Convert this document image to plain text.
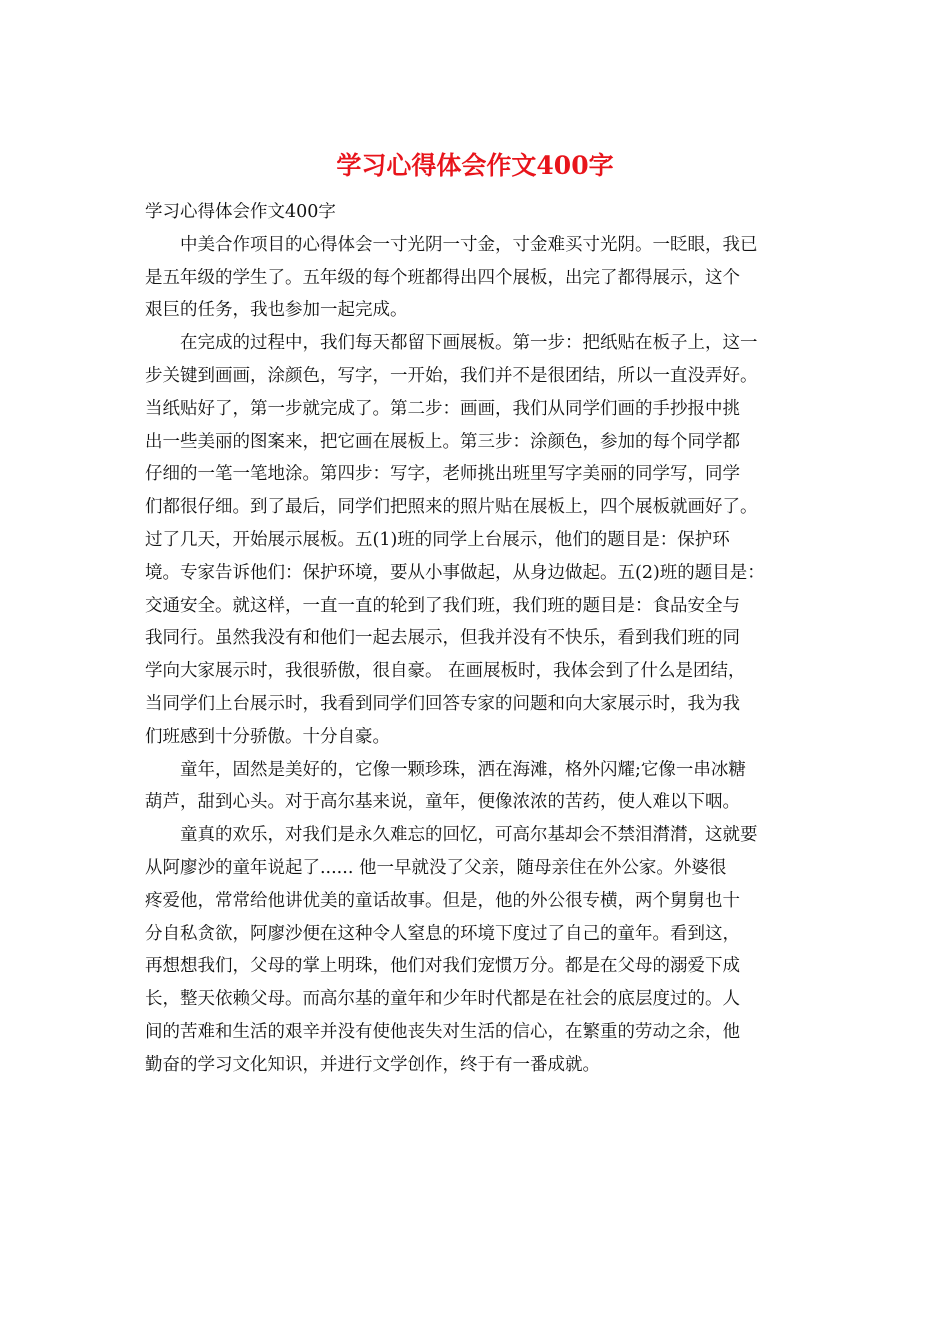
学习心得体会作文400字
学习心得体会作文400字
　　中美合作项目的心得体会一寸光阴一寸金，寸金难买寸光阴。一眨眼，我已
是五年级的学生了。五年级的每个班都得出四个展板，出完了都得展示，这个
艰巨的任务，我也参加一起完成。
　　在完成的过程中，我们每天都留下画展板。第一步：把纸贴在板子上，这一
步关键到画画，涂颜色，写字，一开始，我们并不是很团结，所以一直没弄好。
当纸贴好了，第一步就完成了。第二步：画画，我们从同学们画的手抄报中挑
出一些美丽的图案来，把它画在展板上。第三步：涂颜色，参加的每个同学都
仔细的一笔一笔地涂。第四步：写字，老师挑出班里写字美丽的同学写，同学
们都很仔细。到了最后，同学们把照来的照片贴在展板上，四个展板就画好了。
过了几天，开始展示展板。五(1)班的同学上台展示，他们的题目是：保护环
境。专家告诉他们：保护环境，要从小事做起，从身边做起。五(2)班的题目是：
交通安全。就这样，一直一直的轮到了我们班，我们班的题目是：食品安全与
我同行。虽然我没有和他们一起去展示，但我并没有不快乐，看到我们班的同
学向大家展示时，我很骄傲，很自豪。 在画展板时，我体会到了什么是团结，
当同学们上台展示时，我看到同学们回答专家的问题和向大家展示时，我为我
们班感到十分骄傲。十分自豪。
　　童年，固然是美好的，它像一颗珍珠，洒在海滩，格外闪耀;它像一串冰糖
葫芦，甜到心头。对于高尔基来说，童年，便像浓浓的苦药，使人难以下咽。
　　童真的欢乐，对我们是永久难忘的回忆，可高尔基却会不禁泪潸潸，这就要
从阿廖沙的童年说起了...... 他一早就没了父亲，随母亲住在外公家。外婆很
疼爱他，常常给他讲优美的童话故事。但是，他的外公很专横，两个舅舅也十
分自私贪欲，阿廖沙便在这种令人窒息的环境下度过了自己的童年。看到这，
再想想我们，父母的掌上明珠，他们对我们宠惯万分。都是在父母的溺爱下成
长，整天依赖父母。而高尔基的童年和少年时代都是在社会的底层度过的。人
间的苦难和生活的艰辛并没有使他丧失对生活的信心，在繁重的劳动之余，他
勤奋的学习文化知识，并进行文学创作，终于有一番成就。
